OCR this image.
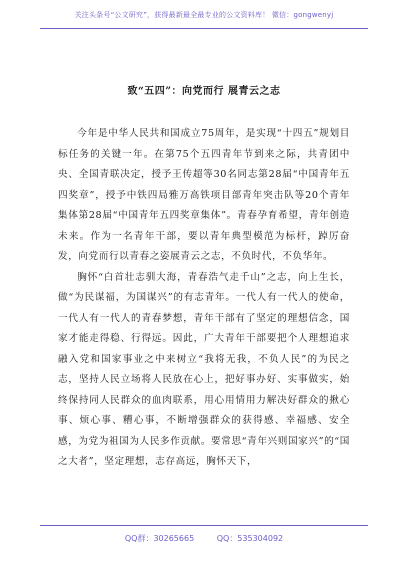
关注头条号“公文研究”，获得最新最全最专业的公文资料库！ 微信：gongwenyj
致“五四”：向党而行 展青云之志

今年是中华人民共和国成立75周年，是实现“十四五”规划目标任务的关键一年。在第75个五四青年节到来之际，共青团中央、全国青联决定，授予王传超等30名同志第28届“中国青年五四奖章”，授予中铁四局雅万高铁项目部青年突击队等20个青年集体第28届“中国青年五四奖章集体”。青春孕育希望，青年创造未来。作为一名青年干部，要以青年典型模范为标杆，踔厉奋发，向党而行以青春之姿展青云之志，不负时代，不负华年。

胸怀“白首壮志驯大海，青春浩气走千山”之志，向上生长，做“为民谋福，为国谋兴”的有志青年。一代人有一代人的使命，一代人有一代人的青春梦想，青年干部有了坚定的理想信念，国家才能走得稳、行得远。因此，广大青年干部要把个人理想追求融入党和国家事业之中来树立“我将无我，不负人民”的为民之志，坚持人民立场将人民放在心上，把好事办好、实事做实，始终保持同人民群众的血肉联系，用心用情用力解决好群众的揪心事、烦心事、糟心事，不断增强群众的获得感、幸福感、安全感，为党为祖国为人民多作贡献。要常思“青年兴则国家兴”的“国之大者”，坚定理想，志存高远，胸怀天下，

QQ群：30265665	QQ：535304092
